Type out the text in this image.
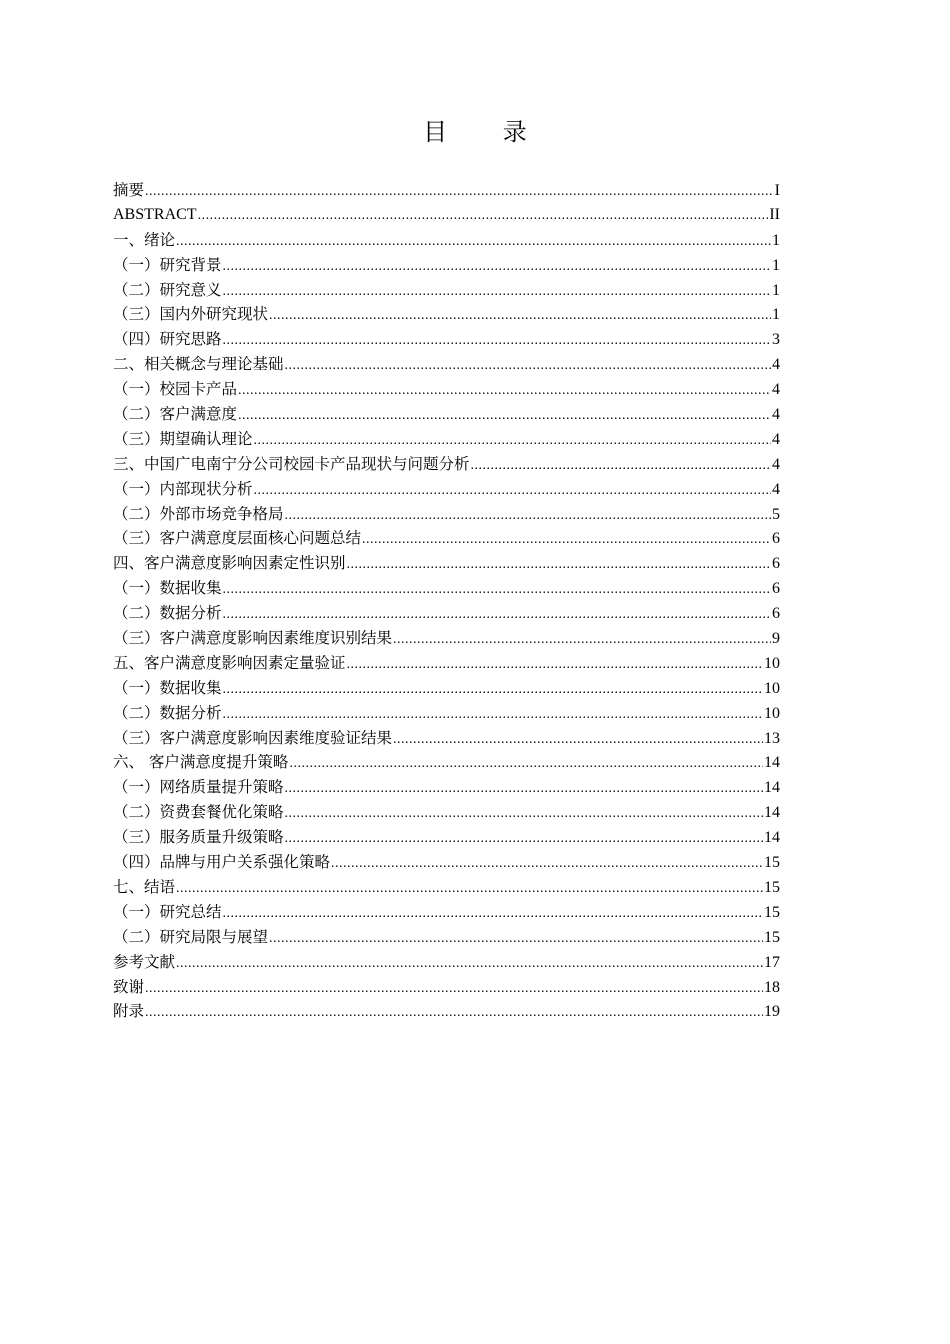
目 录
摘要 .....	I
ABSTRACT .....	II
一、绪论 .....	1
（一）研究背景 .....	1
（二）研究意义 .....	1
（三）国内外研究现状 .....	1
（四）研究思路 .....	3
二、相关概念与理论基础 .....	4
（一）校园卡产品 .....	4
（二）客户满意度 .....	4
（三）期望确认理论 .....	4
三、中国广电南宁分公司校园卡产品现状与问题分析 .....	4
（一）内部现状分析 .....	4
（二）外部市场竞争格局 .....	5
（三）客户满意度层面核心问题总结 .....	6
四、客户满意度影响因素定性识别 .....	6
（一）数据收集 .....	6
（二）数据分析 .....	6
（三）客户满意度影响因素维度识别结果 .....	9
五、客户满意度影响因素定量验证 .....	10
（一）数据收集 .....	10
（二）数据分析 .....	10
（三）客户满意度影响因素维度验证结果 .....	13
六、 客户满意度提升策略 .....	14
（一）网络质量提升策略 .....	14
（二）资费套餐优化策略 .....	14
（三）服务质量升级策略 .....	14
（四）品牌与用户关系强化策略 .....	15
七、结语 .....	15
（一）研究总结 .....	15
（二）研究局限与展望 .....	15
参考文献 .....	17
致谢 .....	18
附录 .....	19
